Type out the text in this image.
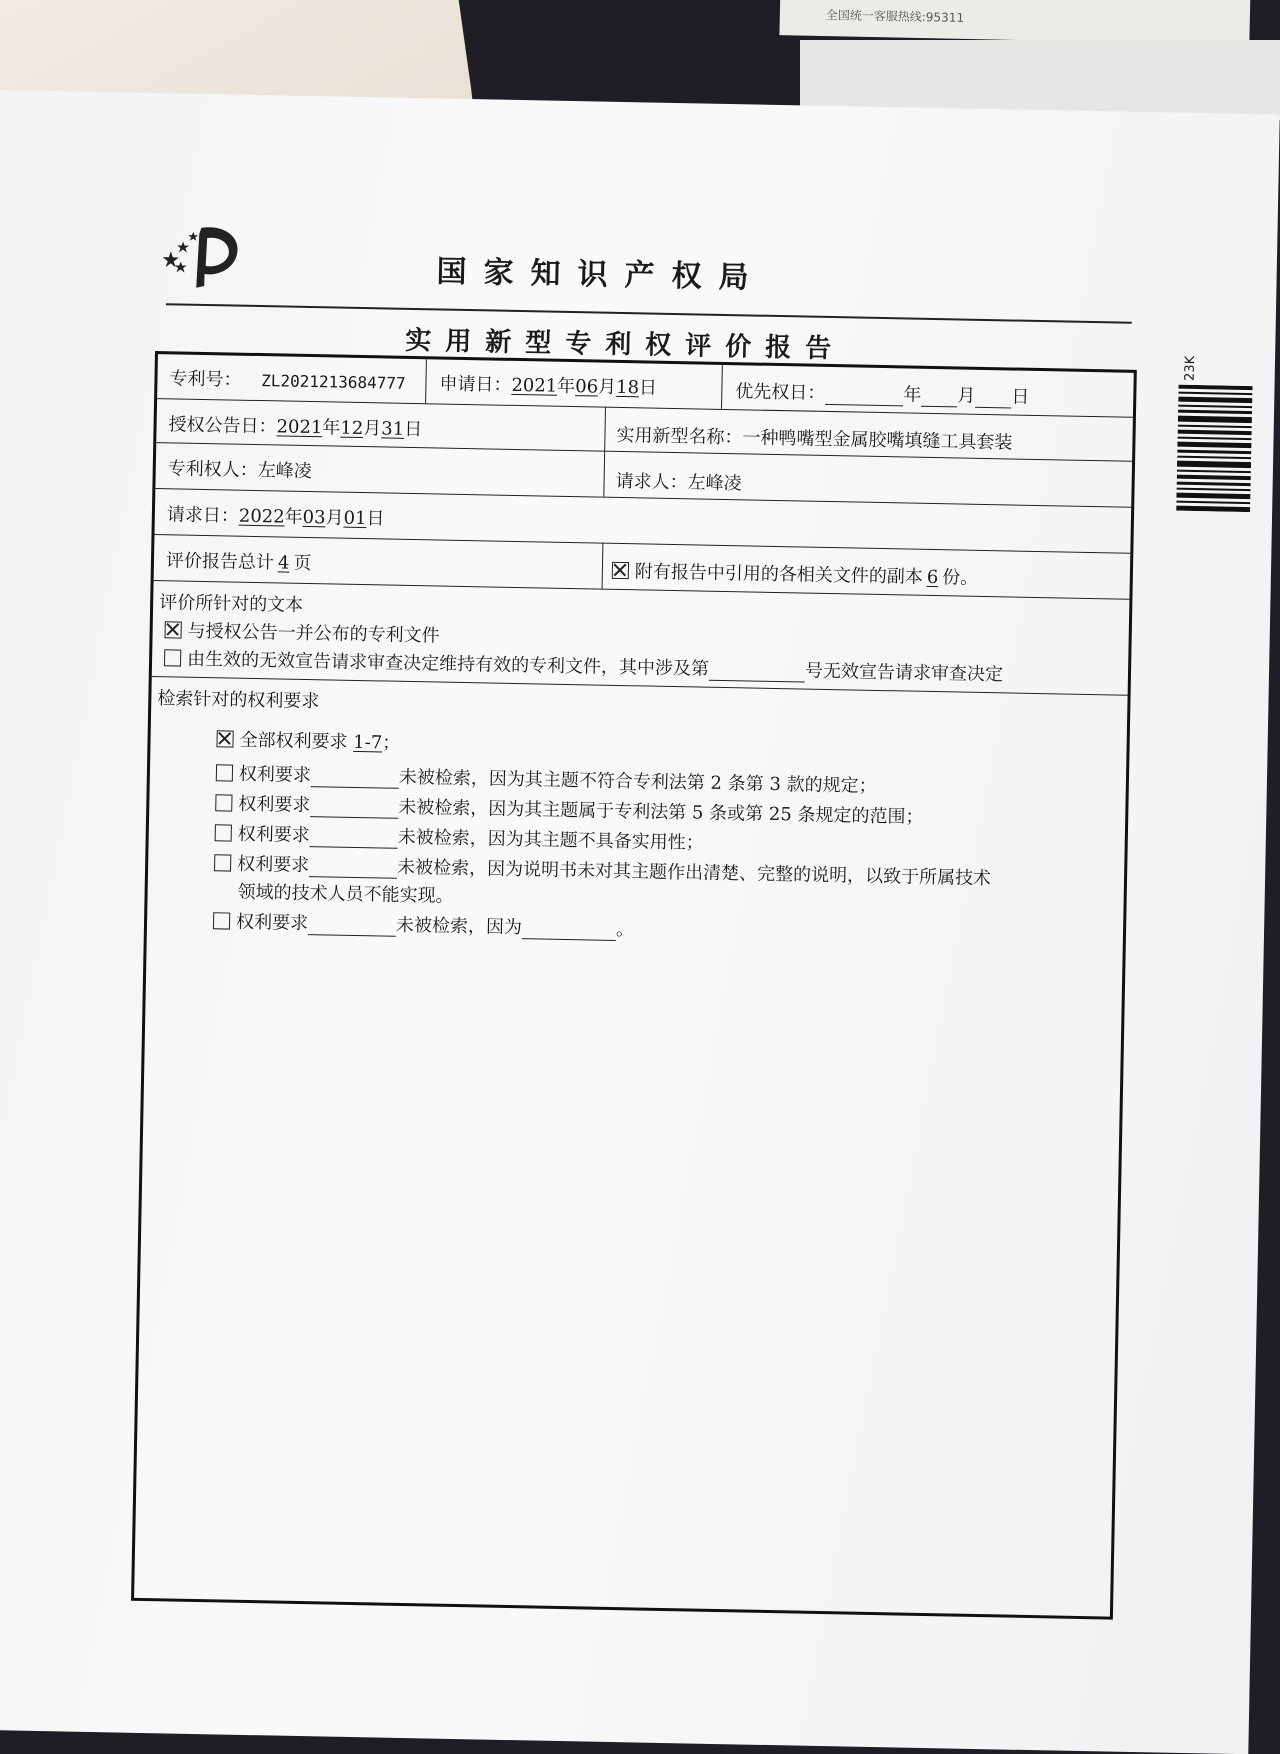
全国统一客服热线:95311
国家知识产权局
实用新型专利权评价报告
23K
专利号： ZL2021213684777 申请日：2021年06月18日	优先权日：	年 月 日
授权公告日：2021年12月31日	实用新型名称：一种鸭嘴型金属胶嘴填缝工具套装
专利权人：左峰凌	请求人：左峰凌
请求日：2022年03月01日
评价报告总计 4 页	附有报告中引用的各相关文件的副本 6 份。
评价所针对的文本
与授权公告一并公布的专利文件
由生效的无效宣告请求审查决定维持有效的专利文件，其中涉及第	号无效宣告请求审查决定
检索针对的权利要求
全部权利要求 1-7；
权利要求	未被检索，因为其主题不符合专利法第 2 条第 3 款的规定；
权利要求	未被检索，因为其主题属于专利法第 5 条或第 25 条规定的范围；
权利要求	未被检索，因为其主题不具备实用性；
权利要求	未被检索，因为说明书未对其主题作出清楚、完整的说明，以致于所属技术
领域的技术人员不能实现。
权利要求	未被检索，因为	。
